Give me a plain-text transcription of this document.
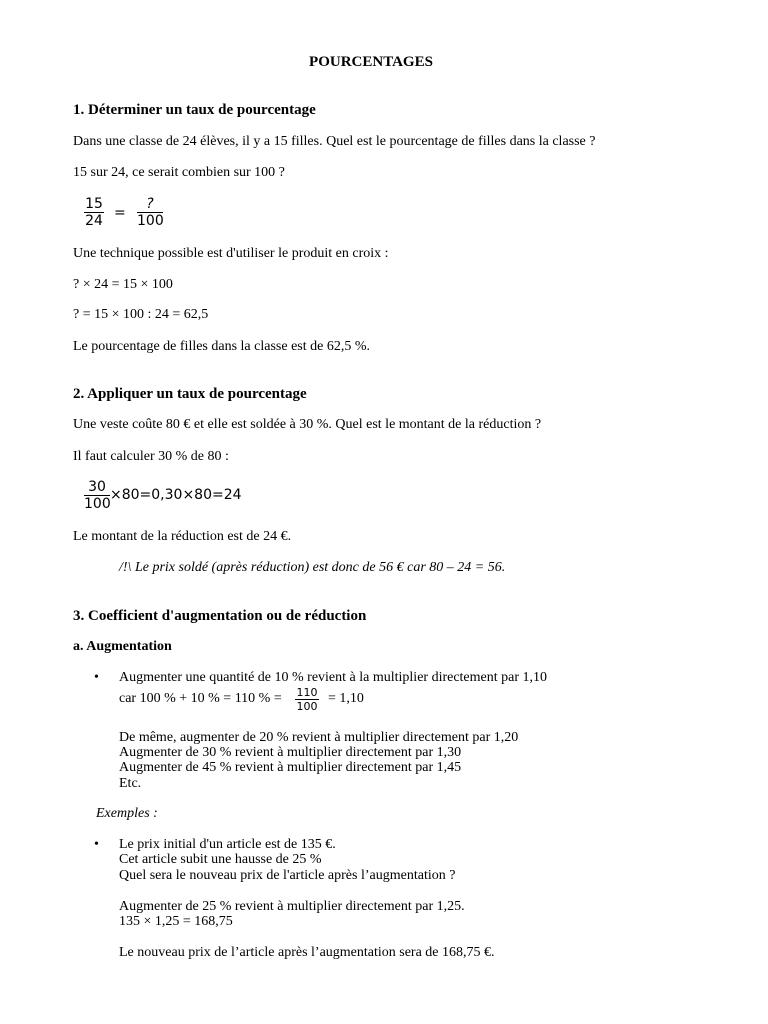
POURCENTAGES
1. Déterminer un taux de pourcentage
Dans une classe de 24 élèves, il y a 15 filles. Quel est le pourcentage de filles dans la classe ?
15 sur 24, ce serait combien sur 100 ?
15
24 =
?
100
Une technique possible est d'utiliser le produit en croix :
? × 24 = 15 × 100
? = 15 × 100 : 24 = 62,5
Le pourcentage de filles dans la classe est de 62,5 %.
2. Appliquer un taux de pourcentage
Une veste coûte 80 € et elle est soldée à 30 %. Quel est le montant de la réduction ?
Il faut calculer 30 % de 80 :
30
100
×80=0,30×80=24
Le montant de la réduction est de 24 €.
/!\ Le prix soldé (après réduction) est donc de 56 € car 80 – 24 = 56.
3. Coefficient d'augmentation ou de réduction
a. Augmentation
• Augmenter une quantité de 10 % revient à la multiplier directement par 1,10
car 100 % + 10 % = 110 % = 110
100
= 1,10
De même, augmenter de 20 % revient à multiplier directement par 1,20
Augmenter de 30 % revient à multiplier directement par 1,30
Augmenter de 45 % revient à multiplier directement par 1,45
Etc.
Exemples :
• Le prix initial d'un article est de 135 €.
Cet article subit une hausse de 25 %
Quel sera le nouveau prix de l'article après l’augmentation ?
Augmenter de 25 % revient à multiplier directement par 1,25.
135 × 1,25 = 168,75
Le nouveau prix de l’article après l’augmentation sera de 168,75 €.
